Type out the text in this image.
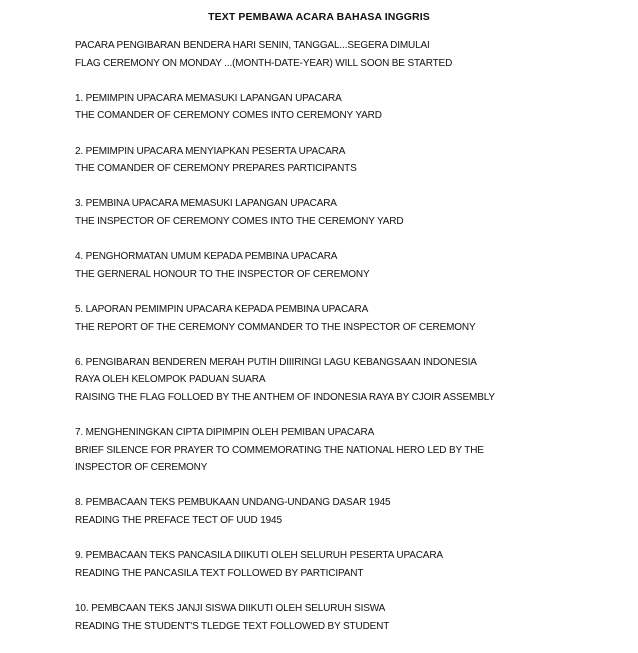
TEXT PEMBAWA ACARA BAHASA INGGRIS
PACARA PENGIBARAN BENDERA HARI SENIN, TANGGAL...SEGERA DIMULAI
FLAG CEREMONY ON MONDAY ...(MONTH-DATE-YEAR) WILL SOON BE STARTED
1. PEMIMPIN UPACARA MEMASUKI LAPANGAN UPACARA
THE COMANDER OF CEREMONY COMES INTO CEREMONY YARD
2. PEMIMPIN UPACARA MENYIAPKAN PESERTA UPACARA
THE COMANDER OF CEREMONY PREPARES PARTICIPANTS
3. PEMBINA UPACARA MEMASUKI LAPANGAN UPACARA
THE INSPECTOR OF CEREMONY COMES INTO THE CEREMONY YARD
4. PENGHORMATAN UMUM KEPADA PEMBINA UPACARA
THE GERNERAL HONOUR TO THE INSPECTOR OF CEREMONY
5. LAPORAN PEMIMPIN UPACARA KEPADA PEMBINA UPACARA
THE REPORT OF THE CEREMONY COMMANDER TO THE INSPECTOR OF CEREMONY
6. PENGIBARAN BENDEREN MERAH PUTIH DIIIRINGI LAGU KEBANGSAAN INDONESIA
RAYA OLEH KELOMPOK PADUAN SUARA
RAISING THE FLAG FOLLOED BY THE ANTHEM OF INDONESIA RAYA BY CJOIR ASSEMBLY
7. MENGHENINGKAN CIPTA DIPIMPIN OLEH PEMIBAN UPACARA
BRIEF SILENCE FOR PRAYER TO COMMEMORATING THE NATIONAL HERO LED BY THE
INSPECTOR OF CEREMONY
8. PEMBACAAN TEKS PEMBUKAAN UNDANG-UNDANG DASAR 1945
READING THE PREFACE TECT OF UUD 1945
9. PEMBACAAN TEKS PANCASILA DIIKUTI OLEH SELURUH PESERTA UPACARA
READING THE PANCASILA TEXT FOLLOWED BY PARTICIPANT
10. PEMBCAAN TEKS JANJI SISWA DIIKUTI OLEH SELURUH SISWA
READING THE STUDENT'S TLEDGE TEXT FOLLOWED BY STUDENT
